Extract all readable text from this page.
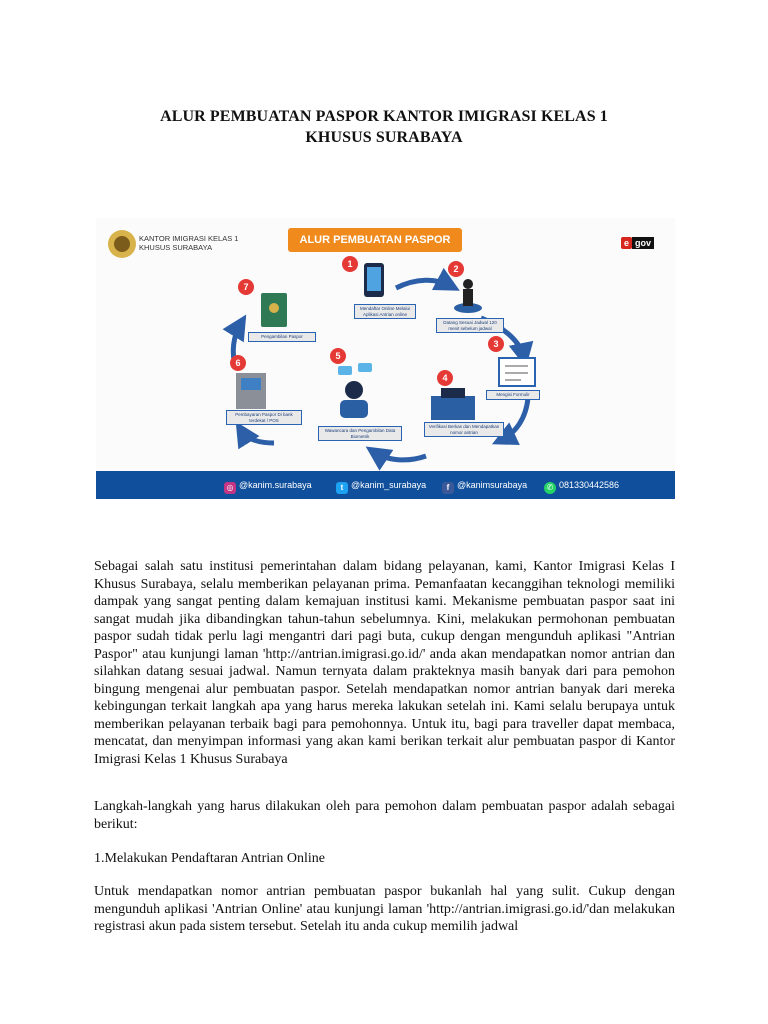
ALUR PEMBUATAN PASPOR KANTOR IMIGRASI KELAS 1
KHUSUS SURABAYA
KANTOR IMIGRASI KELAS 1
KHUSUS SURABAYA
ALUR PEMBUATAN PASPOR	e gov
1	2
3
4
5
6
7
Mendaftar Online Melalui Aplikasi Antrian online
Datang Sesuai Jadwal 120 menit sebelum jadwal
Mengisi Formulir
Verifikasi Berkas dan Mendapatkan nomor antrian
Wawancara dan Pengambilan Data Biometrik
Pembayaran Paspor Di bank terdekat / POS
Pengambilan Paspor
◎ @kanim.surabaya	t @kanim_surabaya	f @kanimsurabaya	✆ 081330442586

Sebagai salah satu institusi pemerintahan dalam bidang pelayanan, kami, Kantor Imigrasi Kelas I Khusus Surabaya, selalu memberikan pelayanan prima. Pemanfaatan kecanggihan teknologi memiliki dampak yang sangat penting dalam kemajuan institusi kami. Mekanisme pembuatan paspor saat ini sangat mudah jika dibandingkan tahun-tahun sebelumnya. Kini, melakukan permohonan pembuatan paspor sudah tidak perlu lagi mengantri dari pagi buta, cukup dengan mengunduh aplikasi "Antrian Paspor" atau kunjungi laman 'http://antrian.imigrasi.go.id/' anda akan mendapatkan nomor antrian dan silahkan datang sesuai jadwal. Namun ternyata dalam prakteknya masih banyak dari para pemohon bingung mengenai alur pembuatan paspor. Setelah mendapatkan nomor antrian banyak dari mereka kebingungan terkait langkah apa yang harus mereka lakukan setelah ini. Kami selalu berupaya untuk memberikan pelayanan terbaik bagi para pemohonnya. Untuk itu, bagi para traveller dapat membaca, mencatat, dan menyimpan informasi yang akan kami berikan terkait alur pembuatan paspor di Kantor Imigrasi Kelas 1 Khusus Surabaya

Langkah-langkah yang harus dilakukan oleh para pemohon dalam pembuatan paspor adalah sebagai berikut:

1.Melakukan Pendaftaran Antrian Online

Untuk mendapatkan nomor antrian pembuatan paspor bukanlah hal yang sulit. Cukup dengan mengunduh aplikasi 'Antrian Online' atau kunjungi laman 'http://antrian.imigrasi.go.id/'dan melakukan registrasi akun pada sistem tersebut. Setelah itu anda cukup memilih jadwal
